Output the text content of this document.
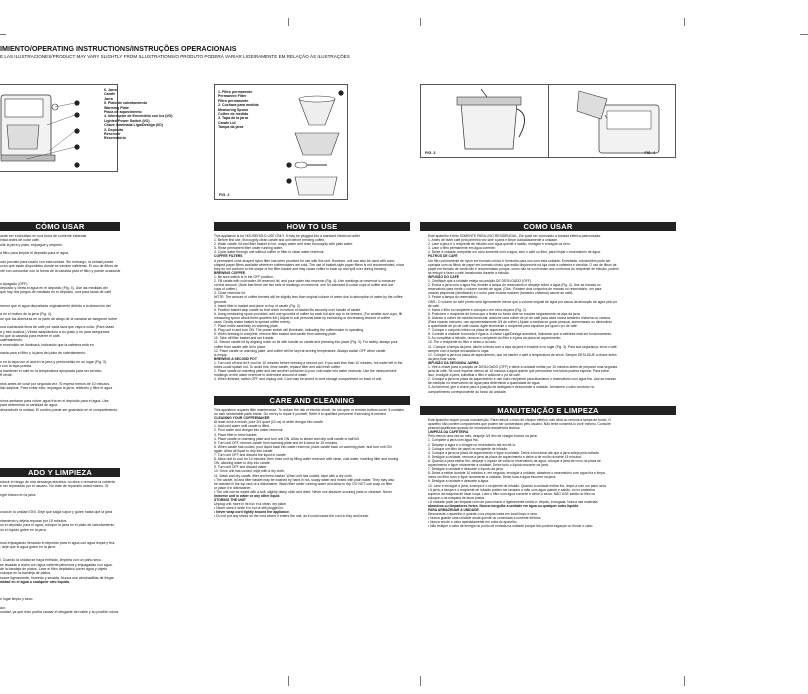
IMIENTO/OPERATING INSTRUCTIONS/INSTRUÇÕES OPERACIONAIS
E LAS ILUSTRACIONES/PRODUCT MAY VARY SLIGHTLY FROM ILLUSTRATIONS/O PRODUTO PODERÁ VARIAR LIGEIRAMENTE EM RELAÇÃO ÀS ILUSTRAÇÕES
6. Jarra
Carafe
Jarra
5. Plato de calentamiento
Warming Plate
Placa de aquecimento
4. Interruptor de Encendido con luz (I/O)
Lighted Power Switch (I/O)
Chave Iluminada Liga/Desliga (I/O)
3. Depósito
Reservoir
Reservatório
FIG. 2
1. Filtro permanente
Permanent Filter
Filtro permanente
2. Cuchara para medida
Measuring Spoon
Colher de medida
3. Tapa de la jarra
Carafe Lid
Tampa da jarra
FIG. 3	FIG. 4
CÓMO USAR

uede ser enchufado en una toma de corriente estándar.

intad antes de colar café.

ulte la jarra y plato; enjuague y séquelo.

a filtro para limpiar el depósito para el agua.

odo provisto para usarlo con esta unidad. Sin embargo, la unidad puede

cono que están disponibles donde se venden cafeteras. El uso de filtros de

nte con concordar con la forma de la canasta para el filtro y puede ocasionar

n Apagado (OFF).

depósito y vierta el agua en el depósito (Fig. 4). Use las medidas del

que hay dos juegos de medidas en el depósito, una para tazas de café

menor que el agua depositada originalmente debido a la absorción del

a en el molino de la jarra (Fig. 4).

ue que las aberturas en la parte de abajo de la canasta se aseguren sobre

una cucharada llena de café por cada taza que vaya a colar. (Para tazas

a y tres cuartos.) Véase adaptándolo a su gusto y es para asegurarse

rlo que la canasta para esterer el café.

calentamiento.

e encendido se iluminará, indicando que la cafetera está en

nasta para el filtro y la jarra del plato de calentamiento.

o en la tapa con el asa en la jarra y presiónelalo en su lugar (Fig. 3).

r con la tapa puesta.

a mantener el café en la temperatura apropiada para ser servido.

ff verde.

ntos antes de colar por segunda vez. Si espera menos de 10 minutos,

lido salpicar. Para evitar esto, enjuague la jarra, rellénelo y filtre el agua

ninos sentarse para volver agua fría en el depósito para el agua. Use

para determinar la cantidad de agua.

desenchufe la unidad. El cordón puede ser guardado en el compartimiento

ADO Y LIMPIEZA

educir el riesgo de una descarga eléctrica, no abra o remueva la cubierta

e ser reparadas por el usuario. No trate de repararlo usted mismo. Si

ngre blanco en la jarra.

cocción la unidad IONI. Deje que salga vapor y gotee hasta que la jarra

ntamiento y déjela reposar por 15 minutos.

ón el depósito para el agua; coloque la jarra en el plato de calentamiento

ón el líquido gotee en la jarra.

mos enjuagando llenando el depósito para el agua con agua limpia y fría,

; deje que el agua gotee en la jarra.

i. Cuando la unidad se haya enfriado, límpiela con un paño seco.

se lavadas a mano con agua caliente jabonosa y enjuagadas con agua.

de la bandeja de platos. Lave el filtro deplástico correr agua y objeto

coloque en la bandeja de platos.

suave ligeramente. húmedo y secada. Nunca use almohadillas de fregar

midad en el agua o cualquier otro líquido.

n lugar limpio y seco.

dor.

unidad, ya que esto podría causar el desgaste del cable y su posible rotura.

HOW TO USE

This appliance is for HOUSEHOLD USE ONLY. It may be plugged into a standard electrical outlet

1. Before first use, thoroughly clean carafe and unit before brewing coffee.

2. Wash carafe, lid and filter basket in hot, soapy water and rinse thoroughly with plain water.

3. Rinse permanent filter under running water.

4. Cycle water through unit without coffee or filter to clean water reservoir.

COFFEE FILTERS

A permanent cone-shaped nylon filter has been provided for use with this unit. However, unit can also be used with cone-

shaped paper filters available wherever coffeemakers are sold. The use of basket-style paper filters is not recommended, since

they do not conform to the shape of the filter basket and may cause coffee to back up and spill over during brewing.

BREWING COFFEE

1. Be sure switch is in the OFF position.

2. Fill carafe with cold water, lift reservoir lid, and pour water into reservoir (Fig. 4). Use markings on reservoir to measure

correct amount. (Note that there are two sets of markings on reservoir, one for standard 8-ounce cups of coffee and one

cups of coffee.)

3. Close reservoir lid.

NOTE: The amount of coffee brewed will be slightly less than original volume of water due to absorption of water by the coffee

grounds.

4. Insert filter in basket and place on top of carafe (Fig. 2).

5. Position basket atop carafe so that notch in bottom of basket fits securely over handle of carafe.

6. Using measuring spoon provided, add one spoonful of coffee for each full-size cup to be brewed. (For smaller-size cups, fill

measuring spoon about three-quarters full.) Adjust to suit personal taste by increasing or decreasing amount of coffee

used. Gently shake basket to spread coffee evenly.

7. Place entire assembly on warming plate.

8. Plug unit in and turn ON. The power switch will illuminate, indicating the coffeemaker is operating.

9. When brewing is complete, remove filter basket and carafe from warming plate.

10. Take off filter basket and set it aside.

11. Secure carafe lid by aligning notch on lid with handle on carafe and pressing into place (Fig. 3). For safety, always pour

coffee from carafe with lid in place.

12. Place carafe on warming plate, and coffee will be kept at serving temperature. Always switch OFF when carafe

is empty.

BREWING A SECOND POT

1. Turn unit off and let it cool for 10 minutes before brewing a second pot. If you wait less than 10 minutes, hot water left in the

tubes could splash out. To avoid this, rinse carafe, replace filter and add fresh coffee.

2. Place carafe on warming plate and use another container to pour cold water into water reservoir. Use the measurement

markings on the water reservoir to determine amount of water.

4. When finished, switch OFF and unplug unit. Cord may be stored in cord storage compartment on back of unit.

CARE AND CLEANING

This appliance requires little maintenance. To reduce the risk of electric shock, do not open or remove bottom cover. It contains

no user serviceable parts inside. Do not try to repair it yourself. Refer it to qualified personnel if servicing is needed.

CLEANING YOUR COFFEEMAKER

At least once a month, pour 3/4 quart (24 oz) of white vinegar into carafe.

1. Add cold water until carafe is filled.

2. Pour water and vinegar into water reservoir.

3. Place filter in brew basket.

4. Place carafe on warming plate and turn unit ON. Allow to steam and drip until carafe is half full.

5. Turn unit OFF, remove carafe from warming plate and let it stand for 15 minutes.

6. When carafe has cooled, pour liquid back into water reservoir, place carafe back on warming plate, and turn unit ON

again. Allow all liquid to drip into carafe.

7. Turn unit OFF and discard the liquid in carafe.

8. Allow unit to cool for 10 minutes; then rinse unit by filling water reservoir with clean, cold water, inserting filter and turning

ON, allowing water to drip into carafe.

9. Turn unit OFF and discard water.

10. Once unit has cooled, wipe with a dry cloth.

11. Wash and dry carafe, filter and brew basket. When unit has cooled, wipe with a dry cloth.

• The carafe, lid and filter basket may be washed by hand in hot, soapy water and rinsed with plain water. They may also

be washed in the top rack of a dishwasher. Wash filter under running water and allow to dry. DO NOT use soap on filter

or place it in dishwasher.

• The unit can be wiped with a soft, slightly damp cloth and dried. Never use abrasive scouring pads or cleanser. Never

immerse unit in water or any other liquid.

STORING THE UNIT

Unplug unit, store in its box in a clean, dry place.

• Never store it while it is hot or still plugged in.

• Never wrap cord tightly around the appliance.

• Do not put any stress on the cord where it enters the unit, as it could cause the cord to fray and break.

COMO USAR

Este aparelho é feito SOMENTE PARA USO RESIDENCIAL. Ele pode ser conectado à tomada elétrica padronizada.

1. Antes de fazer café pela primeira vez lave a jarra e limpe cuidadosamente a unidade.

2. Lave a jarra e o recipiente de infusão com água quente e sabão, enxágüe e enxágüe-os bem.

3. Lave o filtro permanente em água corrente.

4. Deixe a unidade completar um ciclo somente com a água, sem o café ou filtro, para limpar o reservatório de água.

FILTROS DE CAFÉ

Um filtro permanente de nylon em formato cônico é fornecido para uso com esta unidade. Entretanto, ela também pode ser

operada com os filtros de papel em formato cônico que estão disponíveis na loja onde a cafeteira é vendida. O uso de filtros de

papel em formato de cesta não é recomendado porque, como não se conformam aos contornos do recipiente de infusão, podem

se entupir e fazer o café transbordar durante a infusão.

INFUSÃO DO CAFÉ

1. Certifique que a unidade esteja na posição DE DESLIGADO (OFF).

2. Encha a jarra com a água fria, levante a tampa do reservatório e despeje sobre a água (Fig. 4). Use as marcas no

reservatório para medir o volume correto de água. (Obs.: Existem dois conjuntos de marcas no reservatório, um para

xícaras pequenas (demitasse) e o outro para xícaras maiores (tamanho chávena) cancel de café).

3. Feche a tampa do reservatório.

OBS.: O volume do café pronto será ligeiramente menor que o volume original de água por causa da absorção de água pelo pó

de café.

4. Insira o filtro no recipiente e coloque-o em cima da jarra (Fig. 2).

5. Posicione o recipiente de forma que a fenda no fundo dele se encaixe seguramente na alça da jarra.

6. Usando a colher de medida fornecida, adicione uma colher de pó de café para cada xícara tamanho chávena ou caneca.

(Para xícaras menores, use aproximadamente 3/4 de colher.) Ajuste a medida ao gosto pessoal, aumentando ou diminuindo

a quantidade de pó de café usada. Agite levemente o recipiente para espalhar por igual o pó de café.

7. Coloque o conjunto inteiro na placa de aquecimento.

8. Conecte a unidade à tomada e ligue-a. A chave Liga/Desliga acenderá, indicando que a cafeteira está em funcionamento.

9. Ao completar a infusão, remova o recipiente do filtro e a jarra da placa de aquecimento.

10. Tire o recipiente do filtro e deixe-o ao lado.

11. Coloque a tampa da jarra, alinhe a fenda com a alça da jarra e encaixe-a no lugar (Fig. 3). Para sua segurança, sirva o café

sempre com a tampa encaixada no lugar.

12. Coloque a jarra na placa de aquecimento, que irá manter o café à temperatura de servir. Sempre DESLIGUE a chave antes

da jarra ficar vazia.

INFUSÃO DA SEGUNDA JARRA

1. Vire a chave para a posição de DESLIGADO (OFF) e deixe a unidade esfriar por 10 minutos antes de preparar uma segunda

jarra de café. Se você esperar menos de 10 minutos a água quente que permanece nos tubos poderá espirrar. Para evitar

isso, enxágüe a jarra, substitua o filtro e adicione o pó de café.

2. Coloque a jarra na placa de aquecimento e use outro recipiente para abastecer o reservatório com água fria. Use as marcas

de medição no reservatório de água para determinar a quantidade de água.

3. Ao terminar, gire a chave para a posição de desligado e desconecte a unidade. Armazene o cabo condutor no

compartimento correspondente ao fundo da unidade.

MANUTENÇÃO E LIMPEZA

Este aparelho requer pouca manutenção. Para reduzir o risco de choque elétrico, não abra ou remova a tampa de fundo. O

aparelho não contém componentes que podem ser consertados pelo usuário. Não tente consertá-lo você mesmo. Consulte

pessoal qualificado quando for necessário assistência técnica.

LIMPEZA DA CAFETEIRA

Pelo menos uma vez ao mês, despeje 3/4 litro de vinagre branco na jarra:

1. Complete a jarra com água fria.

2. Despeje a água e o vinagre no reservatório até enchê-lo.

3. Coloque um filtro de papel no recipiente de infusão.

4. Coloque a jarra na placa de aquecimento e ligue a unidade. Deixe a funcionar até que a jarra esteja pela metade.

5. Desligue a unidade, remova a jarra da placa de aquecimento e deixe-a de molho durante 15 minutos.

6. Quando a jarra esfriar frio, despeje o líquido de volta no reservatório de água, coloque a jarra de novo na placa de

aquecimento e ligue novamente a unidade. Deixe todo o líquido escorrer na jarra.

7. Desligue a unidade e descarte o líquido da jarra.

8. Deixe a esfriar durante 10 minutos e, em seguida, enxágüe a unidade, abastece o reservatório com água fria e limpa,

insira um filtro novo e ligue novamente a unidade. Deixe toda a água escorrer na jarra.

9. Desligue a unidade e descarte a água.

10. Lave e enxágüe a jarra, a tampa e o recipiente de infusão. Quando a unidade esfriar frio, limpe-a com um pano seco.

• A jarra, a tampa e o recipiente de infusão podem ser lavados a mão com água quente e sabão, ou no prateleira

superior da máquina de lavar louça. Lave o filtro com água corrente e deixe-o secar. NÃO USE sabão no filtro ou

coloque-o na máquina de lavar pratos.

• A unidade pode ser limpada com um pano macio e ligeiramente úmido e, depois, enxugada. Nunca use materiais

abrasivos ou limpadores fortes. Nunca mergulhe a unidade em água ou qualquer outro líquido.

PARA ARMAZENAR A UNIDADE

Desconecte o aparelho e guarde-o na própria caixa em local limpo e seco.

• Nunca guarde uma unidade ainda quente ou conectada à corrente elétrica.

• Nunca enrole o cabo apertadamente em volta do aparelho.

• Não estique o cabo de energia no ponto de entrada na unidade porque isto poderá esgarçar ou friccar o cabo.
